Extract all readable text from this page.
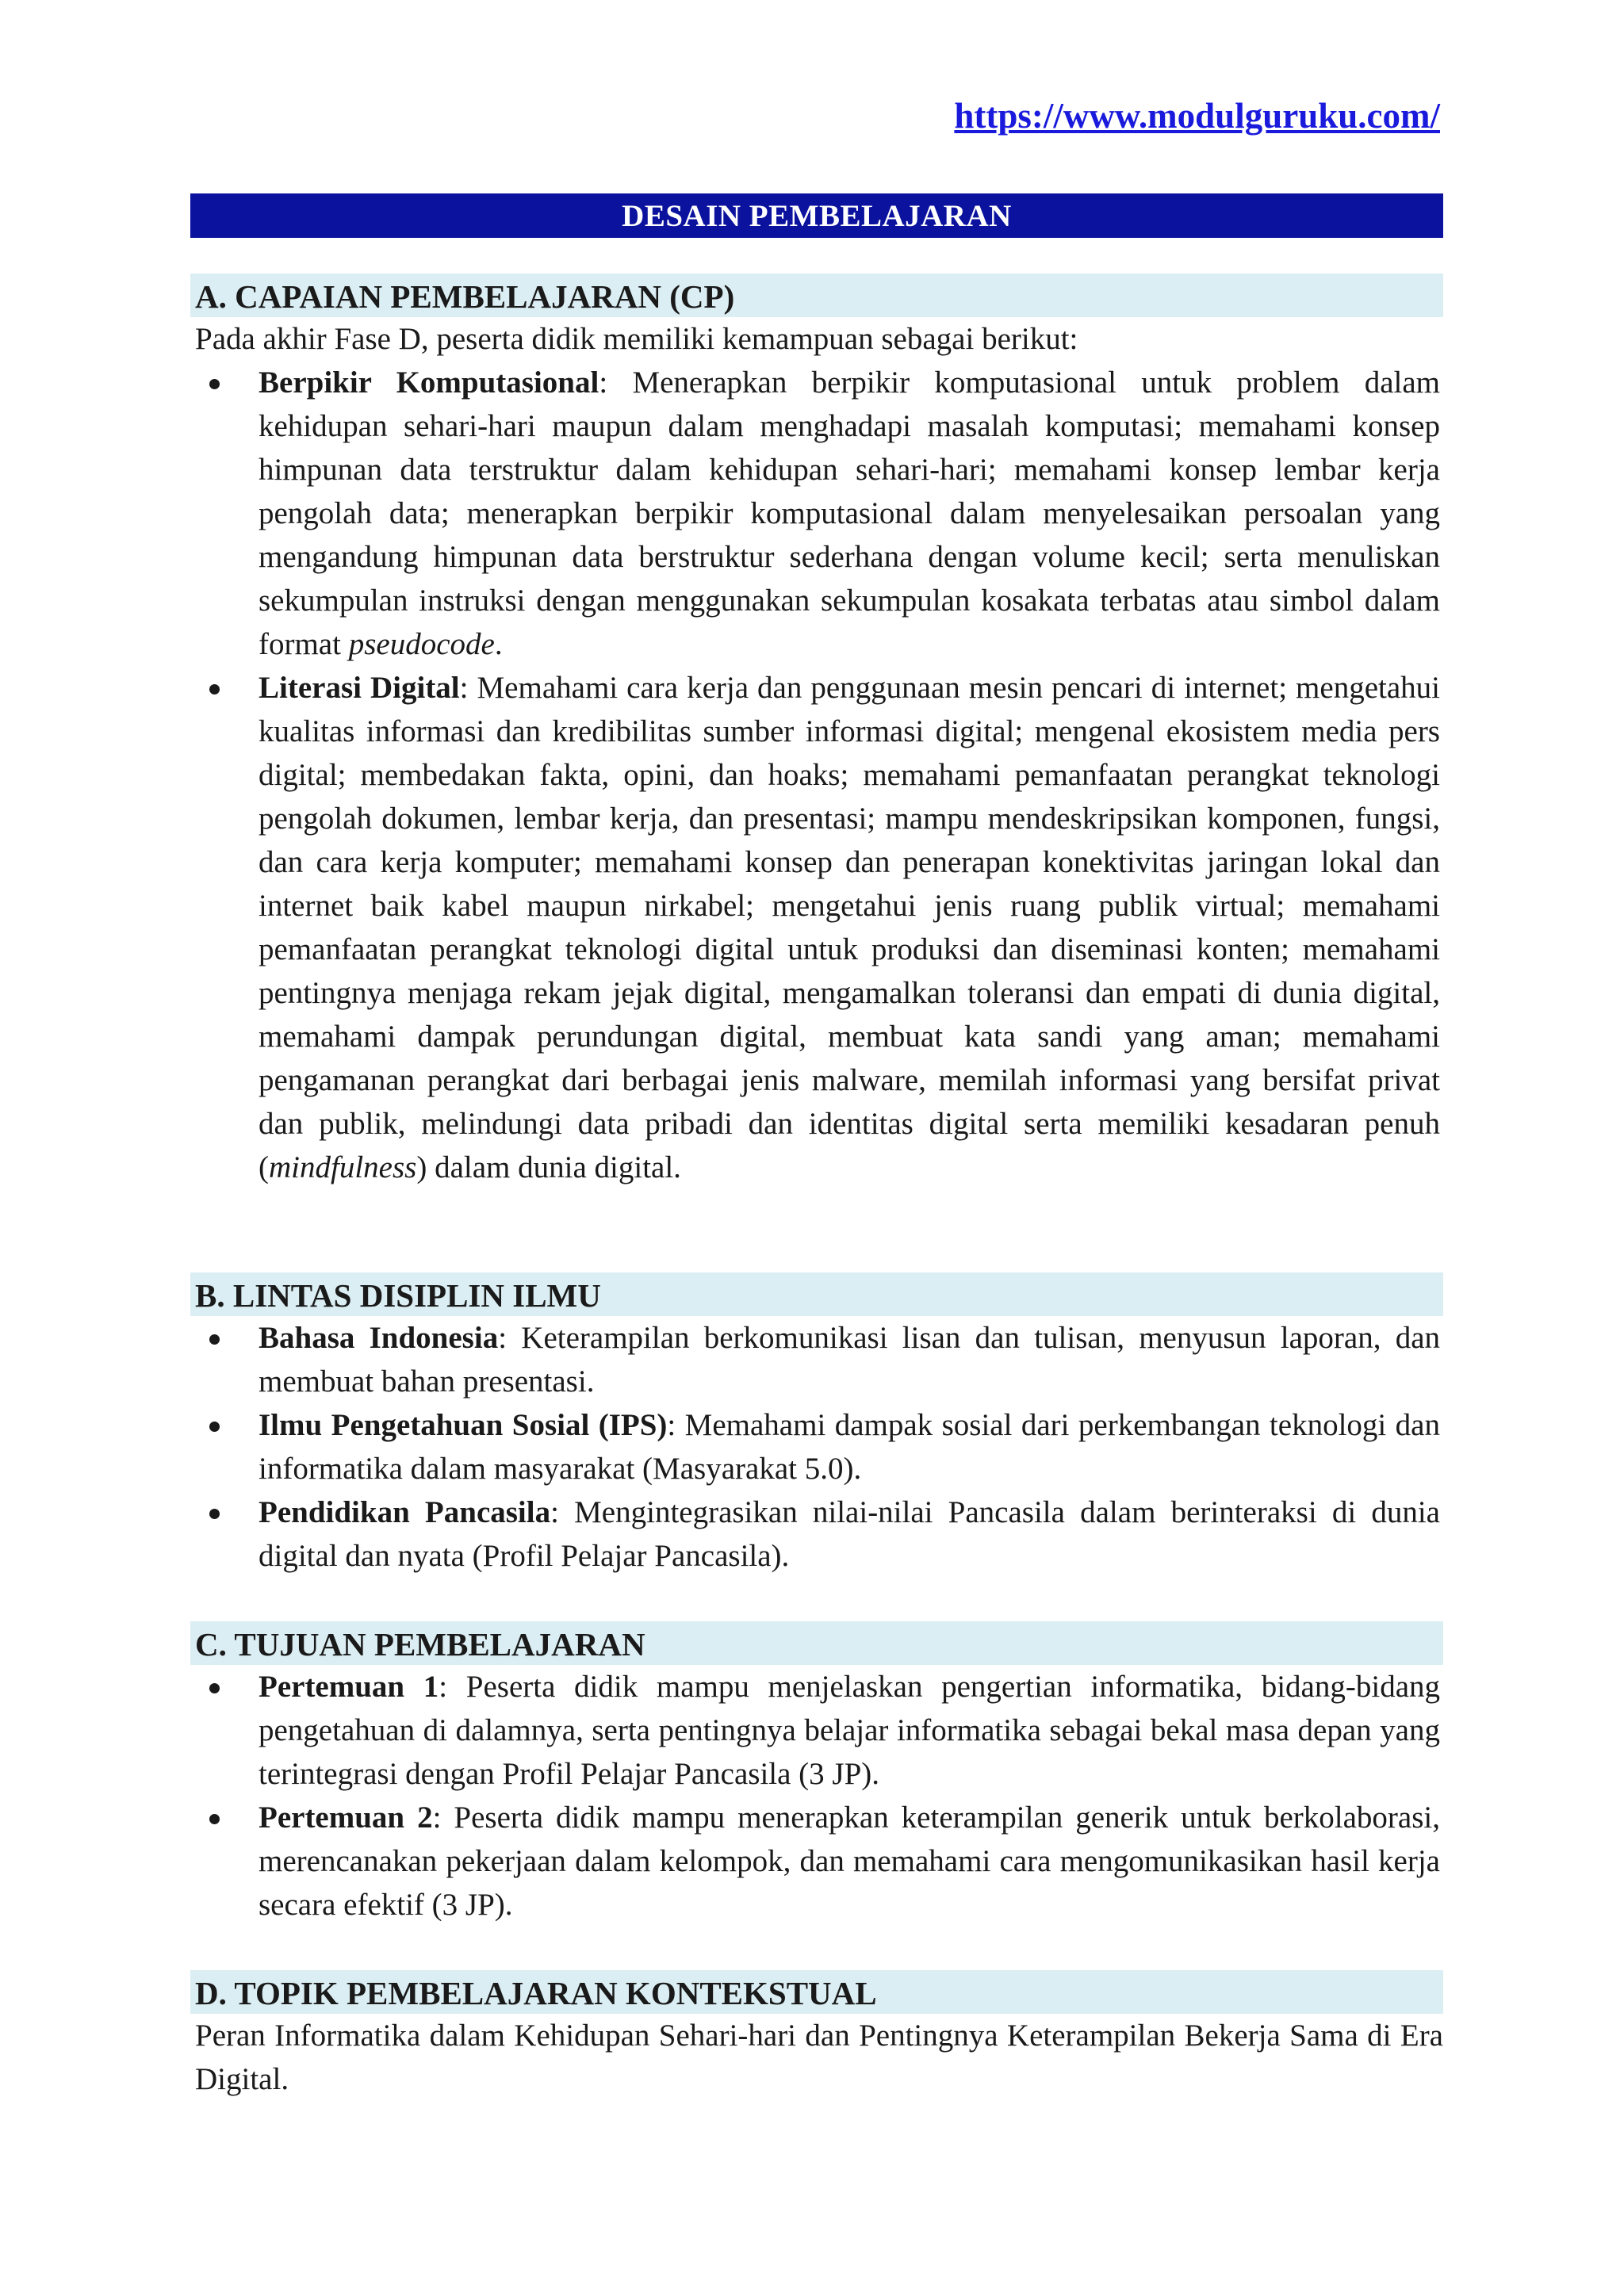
https://www.modulguruku.com/
DESAIN PEMBELAJARAN
A. CAPAIAN PEMBELAJARAN (CP)

Pada akhir Fase D, peserta didik memiliki kemampuan sebagai berikut:

Berpikir Komputasional: Menerapkan berpikir komputasional untuk problem dalam kehidupan sehari-hari maupun dalam menghadapi masalah komputasi; memahami konsep himpunan data terstruktur dalam kehidupan sehari-hari; memahami konsep lembar kerja pengolah data; menerapkan berpikir komputasional dalam menyelesaikan persoalan yang mengandung himpunan data berstruktur sederhana dengan volume kecil; serta menuliskan sekumpulan instruksi dengan menggunakan sekumpulan kosakata terbatas atau simbol dalam format pseudocode.
Literasi Digital: Memahami cara kerja dan penggunaan mesin pencari di internet; mengetahui kualitas informasi dan kredibilitas sumber informasi digital; mengenal ekosistem media pers digital; membedakan fakta, opini, dan hoaks; memahami pemanfaatan perangkat teknologi pengolah dokumen, lembar kerja, dan presentasi; mampu mendeskripsikan komponen, fungsi, dan cara kerja komputer; memahami konsep dan penerapan konektivitas jaringan lokal dan internet baik kabel maupun nirkabel; mengetahui jenis ruang publik virtual; memahami pemanfaatan perangkat teknologi digital untuk produksi dan diseminasi konten; memahami pentingnya menjaga rekam jejak digital, mengamalkan toleransi dan empati di dunia digital, memahami dampak perundungan digital, membuat kata sandi yang aman; memahami pengamanan perangkat dari berbagai jenis malware, memilah informasi yang bersifat privat dan publik, melindungi data pribadi dan identitas digital serta memiliki kesadaran penuh (mindfulness) dalam dunia digital.
B. LINTAS DISIPLIN ILMU
Bahasa Indonesia: Keterampilan berkomunikasi lisan dan tulisan, menyusun laporan, dan membuat bahan presentasi.
Ilmu Pengetahuan Sosial (IPS): Memahami dampak sosial dari perkembangan teknologi dan informatika dalam masyarakat (Masyarakat 5.0).
Pendidikan Pancasila: Mengintegrasikan nilai-nilai Pancasila dalam berinteraksi di dunia digital dan nyata (Profil Pelajar Pancasila).
C. TUJUAN PEMBELAJARAN
Pertemuan 1: Peserta didik mampu menjelaskan pengertian informatika, bidang-bidang pengetahuan di dalamnya, serta pentingnya belajar informatika sebagai bekal masa depan yang terintegrasi dengan Profil Pelajar Pancasila (3 JP).
Pertemuan 2: Peserta didik mampu menerapkan keterampilan generik untuk berkolaborasi, merencanakan pekerjaan dalam kelompok, dan memahami cara mengomunikasikan hasil kerja secara efektif (3 JP).
D. TOPIK PEMBELAJARAN KONTEKSTUAL

Peran Informatika dalam Kehidupan Sehari-hari dan Pentingnya Keterampilan Bekerja Sama di Era Digital.
